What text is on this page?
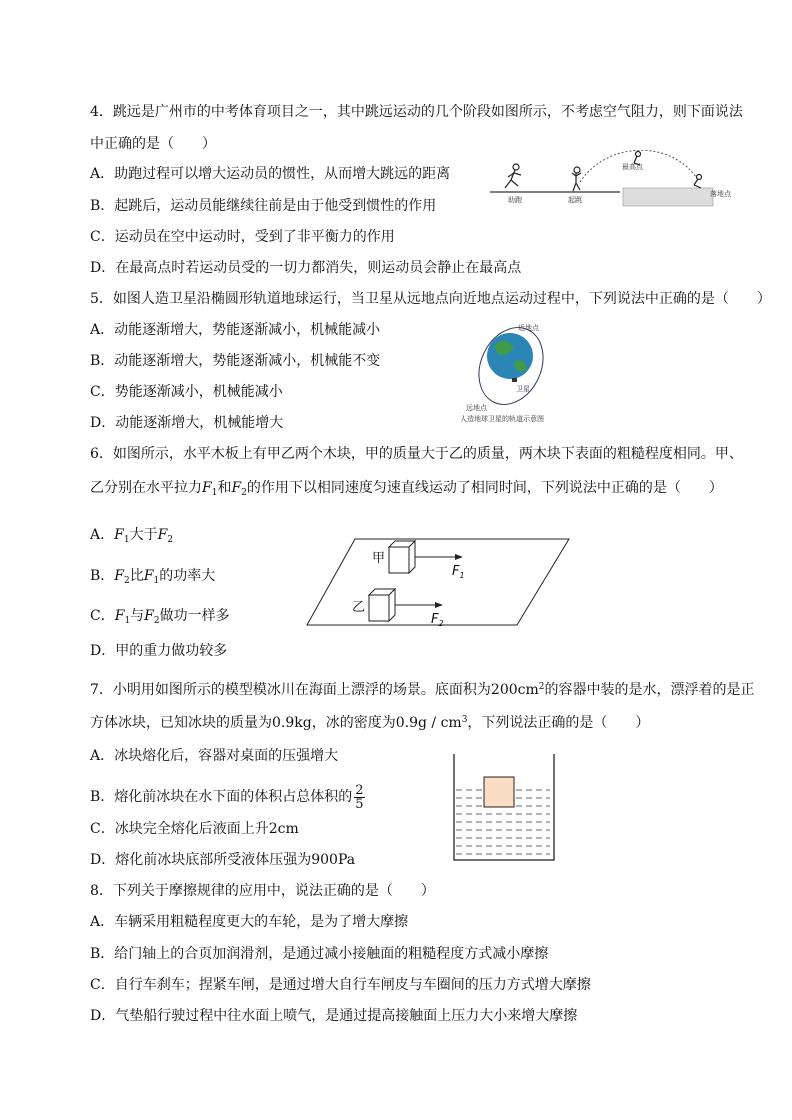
4．跳远是广州市的中考体育项目之一，其中跳远运动的几个阶段如图所示，不考虑空气阻力，则下面说法
中正确的是（　　）
A．助跑过程可以增大运动员的惯性，从而增大跳远的距离
B．起跳后，运动员能继续往前是由于他受到惯性的作用
C．运动员在空中运动时，受到了非平衡力的作用
D．在最高点时若运动员受的一切力都消失，则运动员会静止在最高点
助跑	起跳
最高点
落地点
5．如图人造卫星沿椭圆形轨道地球运行，当卫星从远地点向近地点运动过程中，下列说法中正确的是（　　）
A．动能逐渐增大，势能逐渐减小，机械能减小
B．动能逐渐增大，势能逐渐减小，机械能不变
C．势能逐渐减小，机械能减小
D．动能逐渐增大，机械能增大
近地点
卫星
远地点
人造地球卫星的轨道示意图
6．如图所示，水平木板上有甲乙两个木块，甲的质量大于乙的质量，两木块下表面的粗糙程度相同。甲、
乙分别在水平拉力$F_1$和$F_2$的作用下以相同速度匀速直线运动了相同时间，下列说法中正确的是（　　）
A．$F_1$大于$F_2$
B．$F_2$比$F_1$的功率大
C．$F_1$与$F_2$做功一样多
D．甲的重力做功较多
甲
$F_1$
乙
$F_2$
7．小明用如图所示的模型模冰川在海面上漂浮的场景。底面积为$200cm^2$的容器中装的是水，漂浮着的是正
方体冰块，已知冰块的质量为0.9kg，冰的密度为$0.9g / cm^3$，下列说法正确的是（　　）
A．冰块熔化后，容器对桌面的压强增大
B．熔化前冰块在水下面的体积占总体积的 $\frac{2}{5}$
C．冰块完全熔化后液面上升2cm
D．熔化前冰块底部所受液体压强为900Pa
8．下列关于摩擦规律的应用中，说法正确的是（　　）
A．车辆采用粗糙程度更大的车轮，是为了增大摩擦
B．给门轴上的合页加润滑剂，是通过减小接触面的粗糙程度方式减小摩擦
C．自行车刹车；捏紧车闸，是通过增大自行车闸皮与车圈间的压力方式增大摩擦
D．气垫船行驶过程中往水面上喷气，是通过提高接触面上压力大小来增大摩擦
